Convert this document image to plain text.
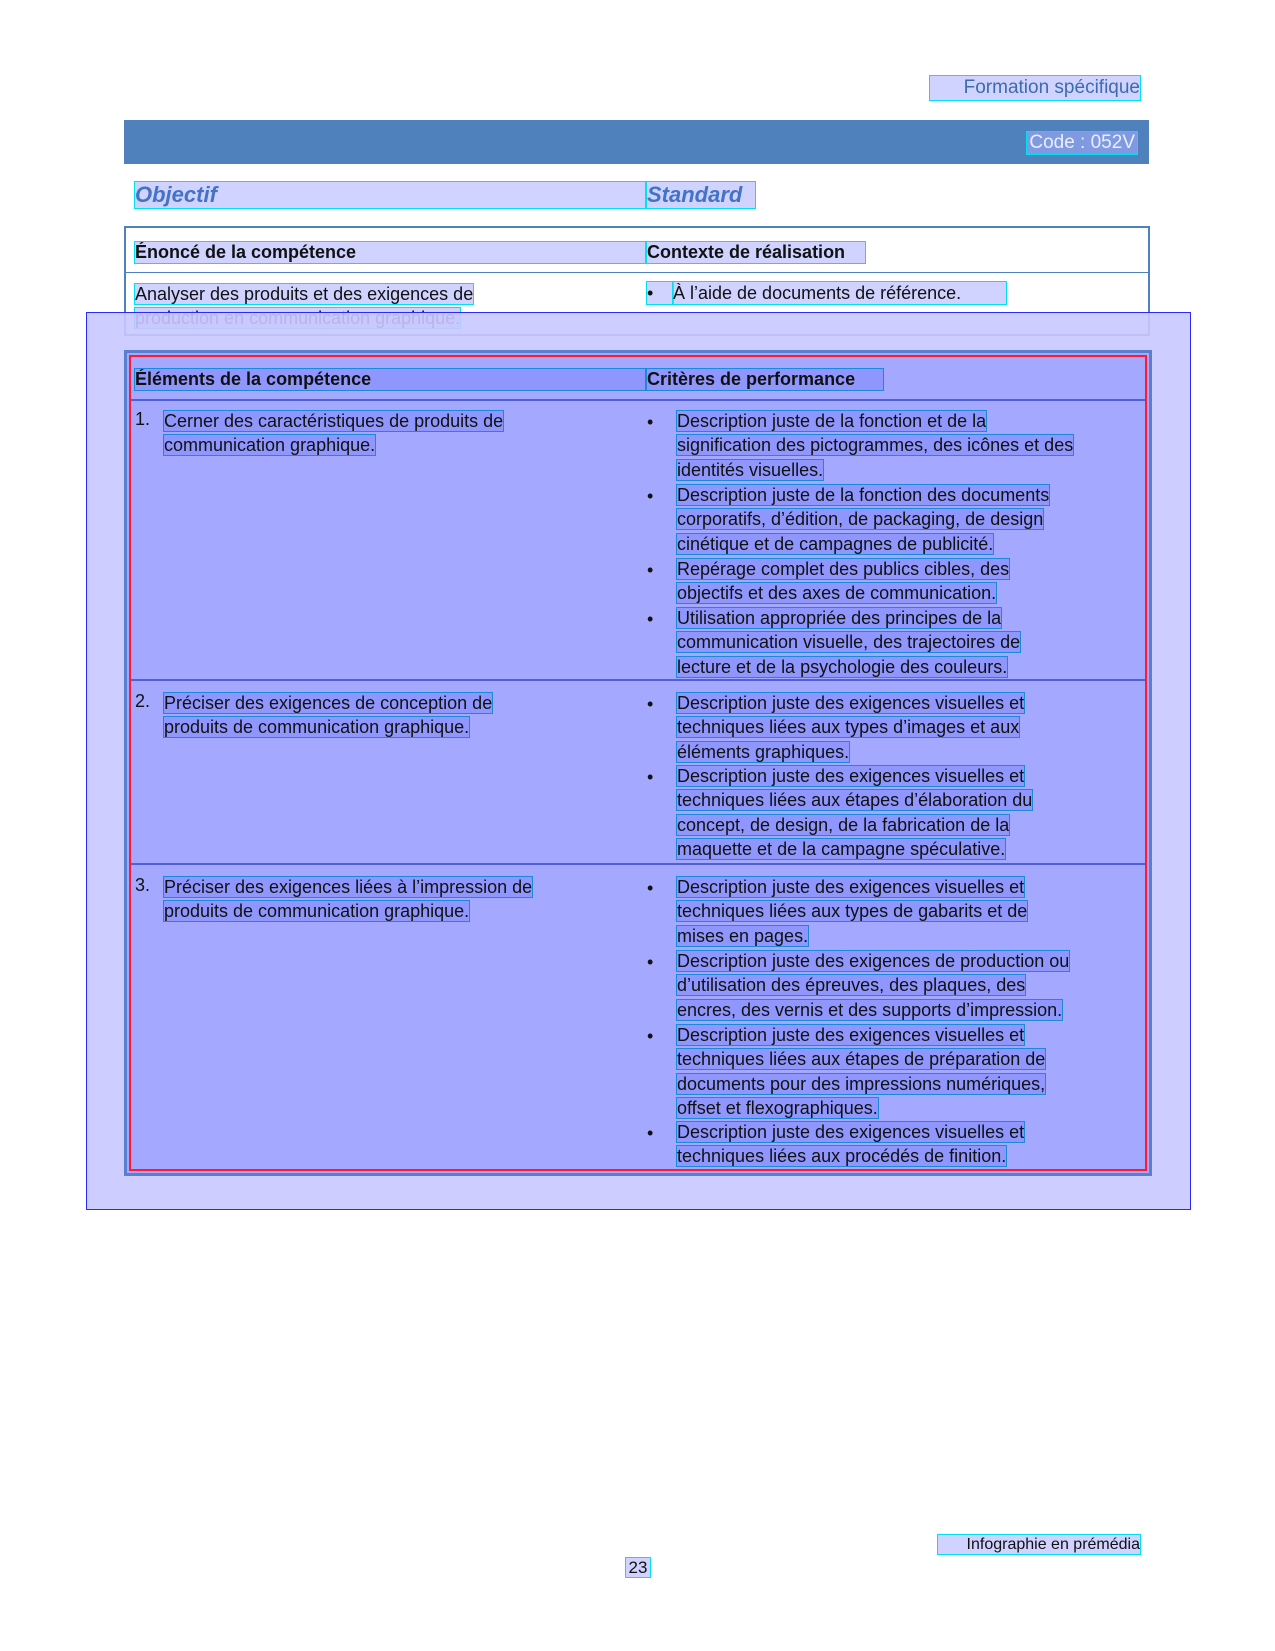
Formation spécifique
Code : 052V
Objectif	Standard
Énoncé de la compétence	Contexte de réalisation
Analyser des produits et des exigences de	•	À l’aide de documents de référence.
Éléments de la compétence	Critères de performance
1. Cerner des caractéristiques de produits de
communication graphique.
•	Description juste de la fonction et de la
signification des pictogrammes, des icônes et des
identités visuelles.
•	Description juste de la fonction des documents
corporatifs, d’édition, de packaging, de design
cinétique et de campagnes de publicité.
•	Repérage complet des publics cibles, des
objectifs et des axes de communication.
•	Utilisation appropriée des principes de la
communication visuelle, des trajectoires de
lecture et de la psychologie des couleurs.
2. Préciser des exigences de conception de
produits de communication graphique.
•	Description juste des exigences visuelles et
techniques liées aux types d’images et aux
éléments graphiques.
•	Description juste des exigences visuelles et
techniques liées aux étapes d’élaboration du
concept, de design, de la fabrication de la
maquette et de la campagne spéculative.
3. Préciser des exigences liées à l’impression de
produits de communication graphique.
•	Description juste des exigences visuelles et
techniques liées aux types de gabarits et de
mises en pages.
•	Description juste des exigences de production ou
d’utilisation des épreuves, des plaques, des
encres, des vernis et des supports d’impression.
•	Description juste des exigences visuelles et
techniques liées aux étapes de préparation de
documents pour des impressions numériques,
offset et flexographiques.
•	Description juste des exigences visuelles et
techniques liées aux procédés de finition.
Infographie en prémédia
23
